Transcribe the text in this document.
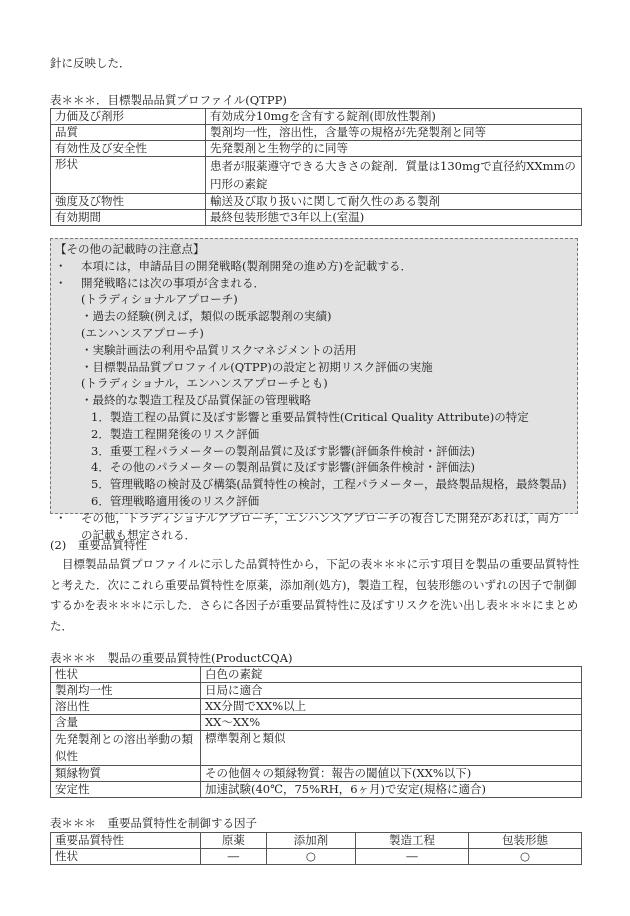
針に反映した．
表＊＊＊．目標製品品質プロファイル(QTPP)
力価及び剤形	有効成分10mgを含有する錠剤(即放性製剤)
品質	製剤均一性，溶出性，含量等の規格が先発製剤と同等
有効性及び安全性	先発製剤と生物学的に同等
形状	患者が服薬遵守できる大きさの錠剤．質量は130mgで直径約XXmmの円形の素錠
強度及び物性	輸送及び取り扱いに関して耐久性のある製剤
有効期間	最終包装形態で3年以上(室温)
【その他の記載時の注意点】
・ 本項には，申請品目の開発戦略(製剤開発の進め方)を記載する．
・ 開発戦略には次の事項が含まれる．
(トラディショナルアプローチ)
・過去の経験(例えば，類似の既承認製剤の実績)
(エンハンスアプローチ)
・実験計画法の利用や品質リスクマネジメントの活用
・目標製品品質プロファイル(QTPP)の設定と初期リスク評価の実施
(トラディショナル，エンハンスアプローチとも)
・最終的な製造工程及び品質保証の管理戦略
1．製造工程の品質に及ぼす影響と重要品質特性(Critical Quality Attribute)の特定
2．製造工程開発後のリスク評価
3．重要工程パラメーターの製剤品質に及ぼす影響(評価条件検討・評価法)
4．その他のパラメーターの製剤品質に及ぼす影響(評価条件検討・評価法)
5．管理戦略の検討及び構築(品質特性の検討，工程パラメーター，最終製品規格，最終製品)
6．管理戦略適用後のリスク評価
・ その他，トラディショナルアプローチ，エンハンスアプローチの複合した開発があれば，両方
の記載も想定される．
(2)　重要品質特性
目標製品品質プロファイルに示した品質特性から，下記の表＊＊＊に示す項目を製品の重要品質特性と考えた．次にこれら重要品質特性を原薬，添加剤(処方)，製造工程，包装形態のいずれの因子で制御するかを表＊＊＊に示した．さらに各因子が重要品質特性に及ぼすリスクを洗い出し表＊＊＊にまとめた．
表＊＊＊　製品の重要品質特性(ProductCQA)
性状	白色の素錠
製剤均一性	日局に適合
溶出性	XX分間でXX%以上
含量	XX～XX%
先発製剤との溶出挙動の類似性	標準製剤と類似
類縁物質	その他個々の類縁物質：報告の閾値以下(XX%以下)
安定性	加速試験(40℃，75%RH，6ヶ月)で安定(規格に適合)
表＊＊＊　重要品質特性を制御する因子
重要品質特性	原薬	添加剤	製造工程	包装形態
性状	―	○	―	○
